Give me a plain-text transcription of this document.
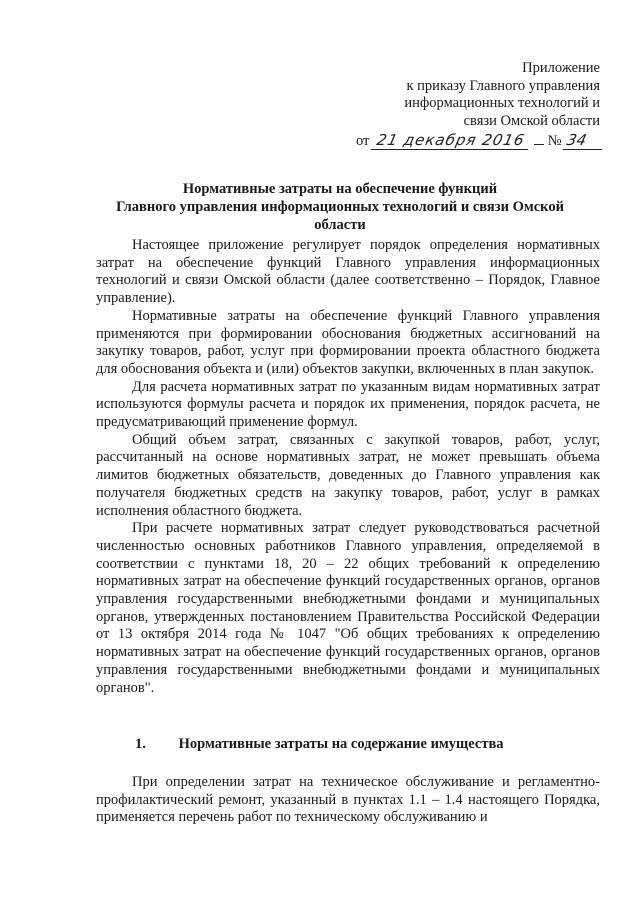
Приложение
к приказу Главного управления
информационных технологий и
связи Омской области
от 21 декабря 2016 № 34
Нормативные затраты на обеспечение функций
Главного управления информационных технологий и связи Омской
области

Настоящее приложение регулирует порядок определения нормативных затрат на обеспечение функций Главного управления информационных технологий и связи Омской области (далее соответственно – Порядок, Главное управление).

Нормативные затраты на обеспечение функций Главного управления применяются при формировании обоснования бюджетных ассигнований на закупку товаров, работ, услуг при формировании проекта областного бюджета для обоснования объекта и (или) объектов закупки, включенных в план закупок.

Для расчета нормативных затрат по указанным видам нормативных затрат используются формулы расчета и порядок их применения, порядок расчета, не предусматривающий применение формул.

Общий объем затрат, связанных с закупкой товаров, работ, услуг, рассчитанный на основе нормативных затрат, не может превышать объема лимитов бюджетных обязательств, доведенных до Главного управления как получателя бюджетных средств на закупку товаров, работ, услуг в рамках исполнения областного бюджета.

При расчете нормативных затрат следует руководствоваться расчетной численностью основных работников Главного управления, определяемой в соответствии с пунктами 18, 20 – 22 общих требований к определению нормативных затрат на обеспечение функций государственных органов, органов управления государственными внебюджетными фондами и муниципальных органов, утвержденных постановлением Правительства Российской Федерации от 13 октября 2014 года № 1047 "Об общих требованиях к определению нормативных затрат на обеспечение функций государственных органов, органов управления государственными внебюджетными фондами и муниципальных органов".

1. Нормативные затраты на содержание имущества

При определении затрат на техническое обслуживание и регламентно-профилактический ремонт, указанный в пунктах 1.1 – 1.4 настоящего Порядка, применяется перечень работ по техническому обслуживанию и
